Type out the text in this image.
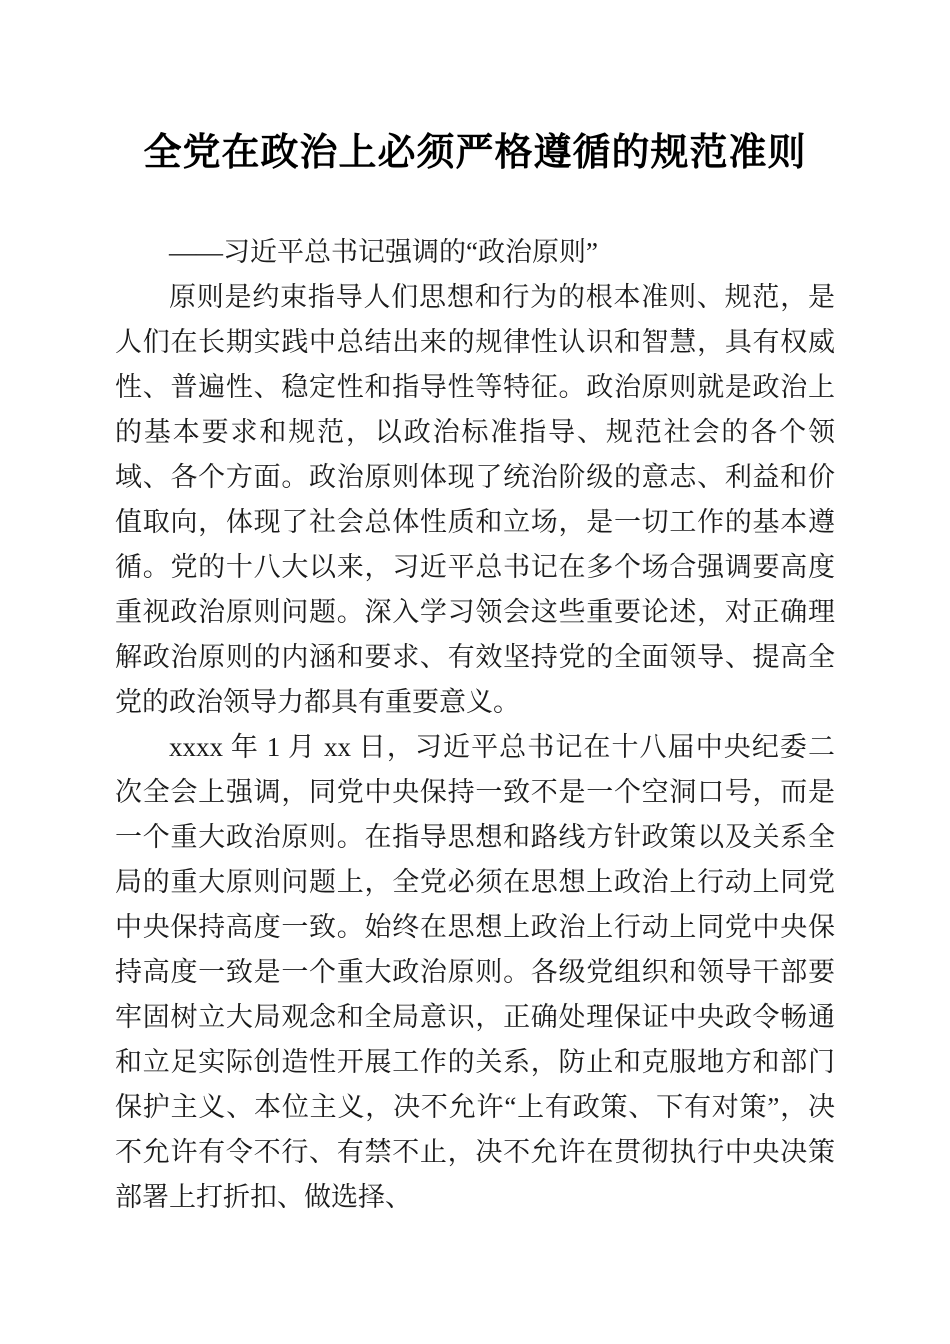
全党在政治上必须严格遵循的规范准则

——习近平总书记强调的“政治原则”

原则是约束指导人们思想和行为的根本准则、规范，是人们在长期实践中总结出来的规律性认识和智慧，具有权威性、普遍性、稳定性和指导性等特征。政治原则就是政治上的基本要求和规范，以政治标准指导、规范社会的各个领域、各个方面。政治原则体现了统治阶级的意志、利益和价值取向，体现了社会总体性质和立场，是一切工作的基本遵循。党的十八大以来，习近平总书记在多个场合强调要高度重视政治原则问题。深入学习领会这些重要论述，对正确理解政治原则的内涵和要求、有效坚持党的全面领导、提高全党的政治领导力都具有重要意义。

xxxx 年 1 月 xx 日，习近平总书记在十八届中央纪委二次全会上强调，同党中央保持一致不是一个空洞口号，而是一个重大政治原则。在指导思想和路线方针政策以及关系全局的重大原则问题上，全党必须在思想上政治上行动上同党中央保持高度一致。始终在思想上政治上行动上同党中央保持高度一致是一个重大政治原则。各级党组织和领导干部要牢固树立大局观念和全局意识，正确处理保证中央政令畅通和立足实际创造性开展工作的关系，防止和克服地方和部门保护主义、本位主义，决不允许“上有政策、下有对策”，决不允许有令不行、有禁不止，决不允许在贯彻执行中央决策部署上打折扣、做选择、
